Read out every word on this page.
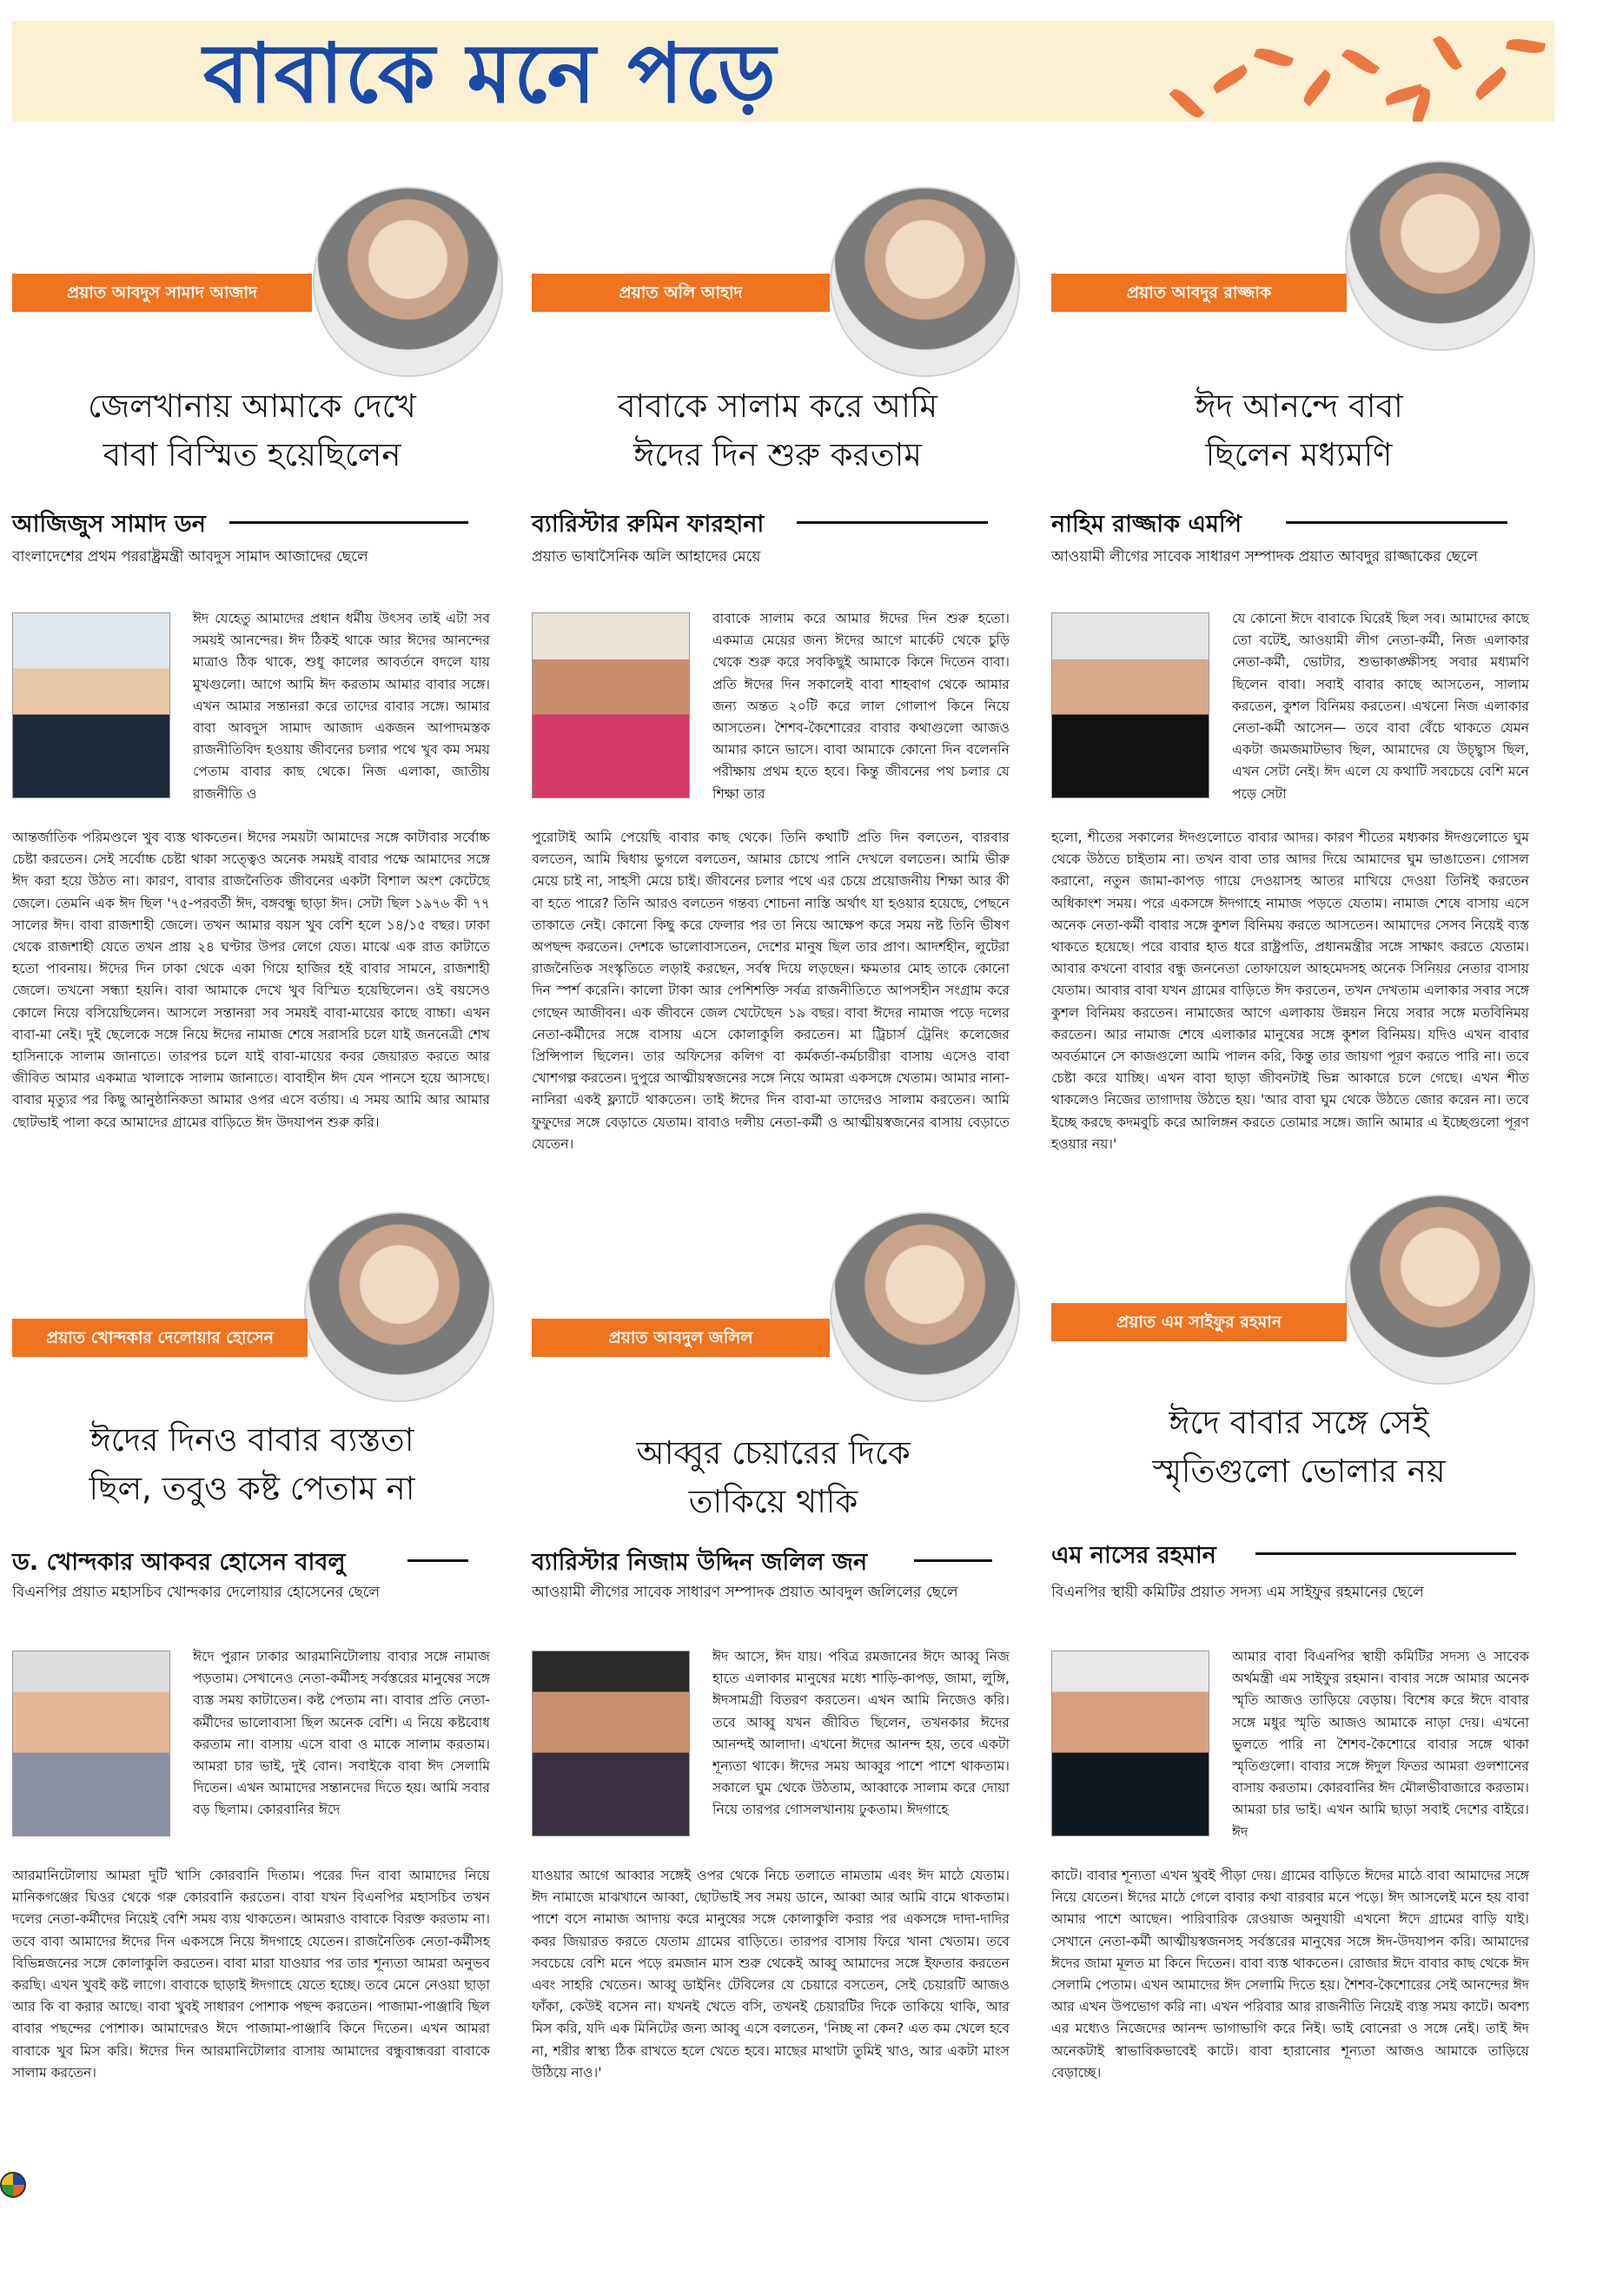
বাবাকে মনে পড়ে
প্রয়াত আবদুস সামাদ আজাদ
জেলখানায় আমাকে দেখে
বাবা বিস্মিত হয়েছিলেন
আজিজুস সামাদ ডন
বাংলাদেশের প্রথম পররাষ্ট্রমন্ত্রী আবদুস সামাদ আজাদের ছেলে
ঈদ যেহেতু আমাদের প্রধান ধর্মীয় উৎসব তাই এটা সব সময়ই আনন্দের। ঈদ ঠিকই থাকে আর ঈদের আনন্দের মাত্রাও ঠিক থাকে, শুধু কালের আবর্তনে বদলে যায় মুখগুলো। আগে আমি ঈদ করতাম আমার বাবার সঙ্গে। এখন আমার সন্তানরা করে তাদের বাবার সঙ্গে। আমার বাবা আবদুস সামাদ আজাদ একজন আপাদমস্তক রাজনীতিবিদ হওয়ায় জীবনের চলার পথে খুব কম সময় পেতাম বাবার কাছ থেকে। নিজ এলাকা, জাতীয় রাজনীতি ও
আন্তর্জাতিক পরিমণ্ডলে খুব ব্যস্ত থাকতেন। ঈদের সময়টা আমাদের সঙ্গে কাটাবার সর্বোচ্চ চেষ্টা করতেন। সেই সর্বোচ্চ চেষ্টা থাকা সত্ত্বেও অনেক সময়ই বাবার পক্ষে আমাদের সঙ্গে ঈদ করা হয়ে উঠত না। কারণ, বাবার রাজনৈতিক জীবনের একটা বিশাল অংশ কেটেছে জেলে। তেমনি এক ঈদ ছিল '৭৫-পরবর্তী ঈদ, বঙ্গবন্ধু ছাড়া ঈদ। সেটা ছিল ১৯৭৬ কী ৭৭ সালের ঈদ। বাবা রাজশাহী জেলে। তখন আমার বয়স খুব বেশি হলে ১৪/১৫ বছর। ঢাকা থেকে রাজশাহী যেতে তখন প্রায় ২৪ ঘণ্টার উপর লেগে যেত। মাঝে এক রাত কাটাতে হতো পাবনায়। ঈদের দিন ঢাকা থেকে একা গিয়ে হাজির হই বাবার সামনে, রাজশাহী জেলে। তখনো সন্ধ্যা হয়নি। বাবা আমাকে দেখে খুব বিস্মিত হয়েছিলেন। ওই বয়সেও কোলে নিয়ে বসিয়েছিলেন। আসলে সন্তানরা সব সময়ই বাবা-মায়ের কাছে বাচ্চা। এখন বাবা-মা নেই। দুই ছেলেকে সঙ্গে নিয়ে ঈদের নামাজ শেষে সরাসরি চলে যাই জননেত্রী শেখ হাসিনাকে সালাম জানাতে। তারপর চলে যাই বাবা-মায়ের কবর জেয়ারত করতে আর জীবিত আমার একমাত্র খালাকে সালাম জানাতে। বাবাহীন ঈদ যেন পানসে হয়ে আসছে। বাবার মৃত্যুর পর কিছু আনুষ্ঠানিকতা আমার ওপর এসে বর্তায়। এ সময় আমি আর আমার ছোটভাই পালা করে আমাদের গ্রামের বাড়িতে ঈদ উদযাপন শুরু করি।
প্রয়াত অলি আহাদ
বাবাকে সালাম করে আমি
ঈদের দিন শুরু করতাম
ব্যারিস্টার রুমিন ফারহানা
প্রয়াত ভাষাসৈনিক অলি আহাদের মেয়ে
বাবাকে সালাম করে আমার ঈদের দিন শুরু হতো। একমাত্র মেয়ের জন্য ঈদের আগে মার্কেট থেকে চুড়ি থেকে শুরু করে সবকিছুই আমাকে কিনে দিতেন বাবা। প্রতি ঈদের দিন সকালেই বাবা শাহবাগ থেকে আমার জন্য অন্তত ২০টি করে লাল গোলাপ কিনে নিয়ে আসতেন। শৈশব-কৈশোরের বাবার কথাগুলো আজও আমার কানে ভাসে। বাবা আমাকে কোনো দিন বলেননি পরীক্ষায় প্রথম হতে হবে। কিন্তু জীবনের পথ চলার যে শিক্ষা তার
পুরোটাই আমি পেয়েছি বাবার কাছ থেকে। তিনি কথাটি প্রতি দিন বলতেন, বারবার বলতেন, আমি দ্বিধায় ভুগলে বলতেন, আমার চোখে পানি দেখলে বলতেন। আমি ভীরু মেয়ে চাই না, সাহসী মেয়ে চাই। জীবনের চলার পথে এর চেয়ে প্রয়োজনীয় শিক্ষা আর কী বা হতে পারে? তিনি আরও বলতেন গন্তব্য শোচনা নাস্তি অর্থাৎ যা হওয়ার হয়েছে, পেছনে তাকাতে নেই। কোনো কিছু করে ফেলার পর তা নিয়ে আক্ষেপ করে সময় নষ্ট তিনি ভীষণ অপছন্দ করতেন। দেশকে ভালোবাসতেন, দেশের মানুষ ছিল তার প্রাণ। আদর্শহীন, লুটেরা রাজনৈতিক সংস্কৃতিতে লড়াই করছেন, সর্বস্ব দিয়ে লড়ছেন। ক্ষমতার মোহ তাকে কোনো দিন স্পর্শ করেনি। কালো টাকা আর পেশিশক্তি সর্বত্র রাজনীতিতে আপসহীন সংগ্রাম করে গেছেন আজীবন। এক জীবনে জেল খেটেছেন ১৯ বছর। বাবা ঈদের নামাজ পড়ে দলের নেতা-কর্মীদের সঙ্গে বাসায় এসে কোলাকুলি করতেন। মা ট্রিচার্স ট্রেনিং কলেজের প্রিন্সিপাল ছিলেন। তার অফিসের কলিগ বা কর্মকর্তা-কর্মচারীরা বাসায় এসেও বাবা খোশগল্প করতেন। দুপুরে আত্মীয়স্বজনের সঙ্গে নিয়ে আমরা একসঙ্গে খেতাম। আমার নানা-নানিরা একই ফ্ল্যাটে থাকতেন। তাই ঈদের দিন বাবা-মা তাদেরও সালাম করতেন। আমি ফুফুদের সঙ্গে বেড়াতে যেতাম। বাবাও দলীয় নেতা-কর্মী ও আত্মীয়স্বজনের বাসায় বেড়াতে যেতেন।
প্রয়াত আবদুর রাজ্জাক
ঈদ আনন্দে বাবা
ছিলেন মধ্যমণি
নাহিম রাজ্জাক এমপি
আওয়ামী লীগের সাবেক সাধারণ সম্পাদক প্রয়াত আবদুর রাজ্জাকের ছেলে
যে কোনো ঈদে বাবাকে ঘিরেই ছিল সব। আমাদের কাছে তো বটেই, আওয়ামী লীগ নেতা-কর্মী, নিজ এলাকার নেতা-কর্মী, ভোটার, শুভাকাঙ্ক্ষীসহ সবার মধ্যমণি ছিলেন বাবা। সবাই বাবার কাছে আসতেন, সালাম করতেন, কুশল বিনিময় করতেন। এখনো নিজ এলাকার নেতা-কর্মী আসেন— তবে বাবা বেঁচে থাকতে যেমন একটা জমজমাটভাব ছিল, আমাদের যে উচ্ছ্বাস ছিল, এখন সেটা নেই। ঈদ এলে যে কথাটি সবচেয়ে বেশি মনে পড়ে সেটা
হলো, শীতের সকালের ঈদগুলোতে বাবার আদর। কারণ শীতের মধ্যকার ঈদগুলোতে ঘুম থেকে উঠতে চাইতাম না। তখন বাবা তার আদর দিয়ে আমাদের ঘুম ভাঙাতেন। গোসল করানো, নতুন জামা-কাপড় গায়ে দেওয়াসহ আতর মাখিয়ে দেওয়া তিনিই করতেন অধিকাংশ সময়। পরে একসঙ্গে ঈদগাহে নামাজ পড়তে যেতাম। নামাজ শেষে বাসায় এসে অনেক নেতা-কর্মী বাবার সঙ্গে কুশল বিনিময় করতে আসতেন। আমাদের সেসব নিয়েই ব্যস্ত থাকতে হয়েছে। পরে বাবার হাত ধরে রাষ্ট্রপতি, প্রধানমন্ত্রীর সঙ্গে সাক্ষাৎ করতে যেতাম। আবার কখনো বাবার বন্ধু জননেতা তোফায়েল আহমেদসহ অনেক সিনিয়র নেতার বাসায় যেতাম। আবার বাবা যখন গ্রামের বাড়িতে ঈদ করতেন, তখন দেখতাম এলাকার সবার সঙ্গে কুশল বিনিময় করতেন। নামাজের আগে এলাকায় উন্নয়ন নিয়ে সবার সঙ্গে মতবিনিময় করতেন। আর নামাজ শেষে এলাকার মানুষের সঙ্গে কুশল বিনিময়। যদিও এখন বাবার অবর্তমানে সে কাজগুলো আমি পালন করি, কিন্তু তার জায়গা পূরণ করতে পারি না। তবে চেষ্টা করে যাচ্ছি। এখন বাবা ছাড়া জীবনটাই ভিন্ন আকারে চলে গেছে। এখন শীত থাকলেও নিজের তাগাদায় উঠতে হয়। 'আর বাবা ঘুম থেকে উঠতে জোর করেন না। তবে ইচ্ছে করছে কদমবুচি করে আলিঙ্গন করতে তোমার সঙ্গে। জানি আমার এ ইচ্ছেগুলো পূরণ হওয়ার নয়।'
প্রয়াত খোন্দকার দেলোয়ার হোসেন
ঈদের দিনও বাবার ব্যস্ততা
ছিল, তবুও কষ্ট পেতাম না
ড. খোন্দকার আকবর হোসেন বাবলু
বিএনপির প্রয়াত মহাসচিব খোন্দকার দেলোয়ার হোসেনের ছেলে
ঈদে পুরান ঢাকার আরমানিটোলায় বাবার সঙ্গে নামাজ পড়তাম। সেখানেও নেতা-কর্মীসহ সর্বস্তরের মানুষের সঙ্গে ব্যস্ত সময় কাটাতেন। কষ্ট পেতাম না। বাবার প্রতি নেতা-কর্মীদের ভালোবাসা ছিল অনেক বেশি। এ নিয়ে কষ্টবোধ করতাম না। বাসায় এসে বাবা ও মাকে সালাম করতাম। আমরা চার ভাই, দুই বোন। সবাইকে বাবা ঈদ সেলামি দিতেন। এখন আমাদের সন্তানদের দিতে হয়। আমি সবার বড় ছিলাম। কোরবানির ঈদে
আরমানিটোলায় আমরা দুটি খাসি কোরবানি দিতাম। পরের দিন বাবা আমাদের নিয়ে মানিকগঞ্জের ঘিওর থেকে গরু কোরবানি করতেন। বাবা যখন বিএনপির মহাসচিব তখন দলের নেতা-কর্মীদের নিয়েই বেশি সময় ব্যয় থাকতেন। আমরাও বাবাকে বিরক্ত করতাম না। তবে বাবা আমাদের ঈদের দিন একসঙ্গে নিয়ে ঈদগাহে যেতেন। রাজনৈতিক নেতা-কর্মীসহ বিভিন্নজনের সঙ্গে কোলাকুলি করতেন। বাবা মারা যাওয়ার পর তার শূন্যতা আমরা অনুভব করছি। এখন খুবই কষ্ট লাগে। বাবাকে ছাড়াই ঈদগাহে যেতে হচ্ছে। তবে মেনে নেওয়া ছাড়া আর কি বা করার আছে। বাবা খুবই সাধারণ পোশাক পছন্দ করতেন। পাজামা-পাঞ্জাবি ছিল বাবার পছন্দের পোশাক। আমাদেরও ঈদে পাজামা-পাঞ্জাবি কিনে দিতেন। এখন আমরা বাবাকে খুব মিস করি। ঈদের দিন আরমানিটোলার বাসায় আমাদের বন্ধুবান্ধবরা বাবাকে সালাম করতেন।
প্রয়াত আবদুল জলিল
আব্বুর চেয়ারের দিকে
তাকিয়ে থাকি
ব্যারিস্টার নিজাম উদ্দিন জলিল জন
আওয়ামী লীগের সাবেক সাধারণ সম্পাদক প্রয়াত আবদুল জলিলের ছেলে
ঈদ আসে, ঈদ যায়। পবিত্র রমজানের ঈদে আব্বু নিজ হাতে এলাকার মানুষের মধ্যে শাড়ি-কাপড়, জামা, লুঙ্গি, ঈদসামগ্রী বিতরণ করতেন। এখন আমি নিজেও করি। তবে আব্বু যখন জীবিত ছিলেন, তখনকার ঈদের আনন্দই আলাদা। এখনো ঈদের আনন্দ হয়, তবে একটা শূন্যতা থাকে। ঈদের সময় আব্বুর পাশে পাশে থাকতাম। সকালে ঘুম থেকে উঠতাম, আব্বাকে সালাম করে দোয়া নিয়ে তারপর গোসলখানায় ঢুকতাম। ঈদগাহে
যাওয়ার আগে আব্বার সঙ্গেই ওপর থেকে নিচে তলাতে নামতাম এবং ঈদ মাঠে যেতাম। ঈদ নামাজে মাঝখানে আব্বা, ছোটভাই সব সময় ডানে, আব্বা আর আমি বামে থাকতাম। পাশে বসে নামাজ আদায় করে মানুষের সঙ্গে কোলাকুলি করার পর একসঙ্গে দাদা-দাদির কবর জিয়ারত করতে যেতাম গ্রামের বাড়িতে। তারপর বাসায় ফিরে খানা খেতাম। তবে সবচেয়ে বেশি মনে পড়ে রমজান মাস শুরু থেকেই আব্বু আমাদের সঙ্গে ইফতার করতেন এবং সাহরি খেতেন। আব্বু ডাইনিং টেবিলের যে চেয়ারে বসতেন, সেই চেয়ারটি আজও ফাঁকা, কেউই বসেন না। যখনই খেতে বসি, তখনই চেয়ারটির দিকে তাকিয়ে থাকি, আর মিস করি, যদি এক মিনিটের জন্য আব্বু এসে বলতেন, 'নিচ্ছ না কেন? এত কম খেলে হবে না, শরীর স্বাস্থ্য ঠিক রাখতে হলে খেতে হবে। মাছের মাথাটা তুমিই খাও, আর একটা মাংস উঠিয়ে নাও।'
প্রয়াত এম সাইফুর রহমান
ঈদে বাবার সঙ্গে সেই
স্মৃতিগুলো ভোলার নয়
এম নাসের রহমান
বিএনপির স্থায়ী কমিটির প্রয়াত সদস্য এম সাইফুর রহমানের ছেলে
আমার বাবা বিএনপির স্থায়ী কমিটির সদস্য ও সাবেক অর্থমন্ত্রী এম সাইফুর রহমান। বাবার সঙ্গে আমার অনেক স্মৃতি আজও তাড়িয়ে বেড়ায়। বিশেষ করে ঈদে বাবার সঙ্গে মধুর স্মৃতি আজও আমাকে নাড়া দেয়। এখনো ভুলতে পারি না শৈশব-কৈশোরে বাবার সঙ্গে থাকা স্মৃতিগুলো। বাবার সঙ্গে ঈদুল ফিতর আমরা গুলশানের বাসায় করতাম। কোরবানির ঈদ মৌলভীবাজারে করতাম। আমরা চার ভাই। এখন আমি ছাড়া সবাই দেশের বাইরে। ঈদ
কাটে। বাবার শূন্যতা এখন খুবই পীড়া দেয়। গ্রামের বাড়িতে ঈদের মাঠে বাবা আমাদের সঙ্গে নিয়ে যেতেন। ঈদের মাঠে গেলে বাবার কথা বারবার মনে পড়ে। ঈদ আসলেই মনে হয় বাবা আমার পাশে আছেন। পারিবারিক রেওয়াজ অনুযায়ী এখনো ঈদে গ্রামের বাড়ি যাই। সেখানে নেতা-কর্মী আত্মীয়স্বজনসহ সর্বস্তরের মানুষের সঙ্গে ঈদ-উদযাপন করি। আমাদের ঈদের জামা মূলত মা কিনে দিতেন। বাবা ব্যস্ত থাকতেন। রোজার ঈদে বাবার কাছ থেকে ঈদ সেলামি পেতাম। এখন আমাদের ঈদ সেলামি দিতে হয়। শৈশব-কৈশোরের সেই আনন্দের ঈদ আর এখন উপভোগ করি না। এখন পরিবার আর রাজনীতি নিয়েই ব্যস্ত সময় কাটে। অবশ্য এর মধ্যেও নিজেদের আনন্দ ভাগাভাগি করে নিই। ভাই বোনেরা ও সঙ্গে নেই। তাই ঈদ অনেকটাই স্বাভাবিকভাবেই কাটে। বাবা হারানোর শূন্যতা আজও আমাকে তাড়িয়ে বেড়াচ্ছে।
